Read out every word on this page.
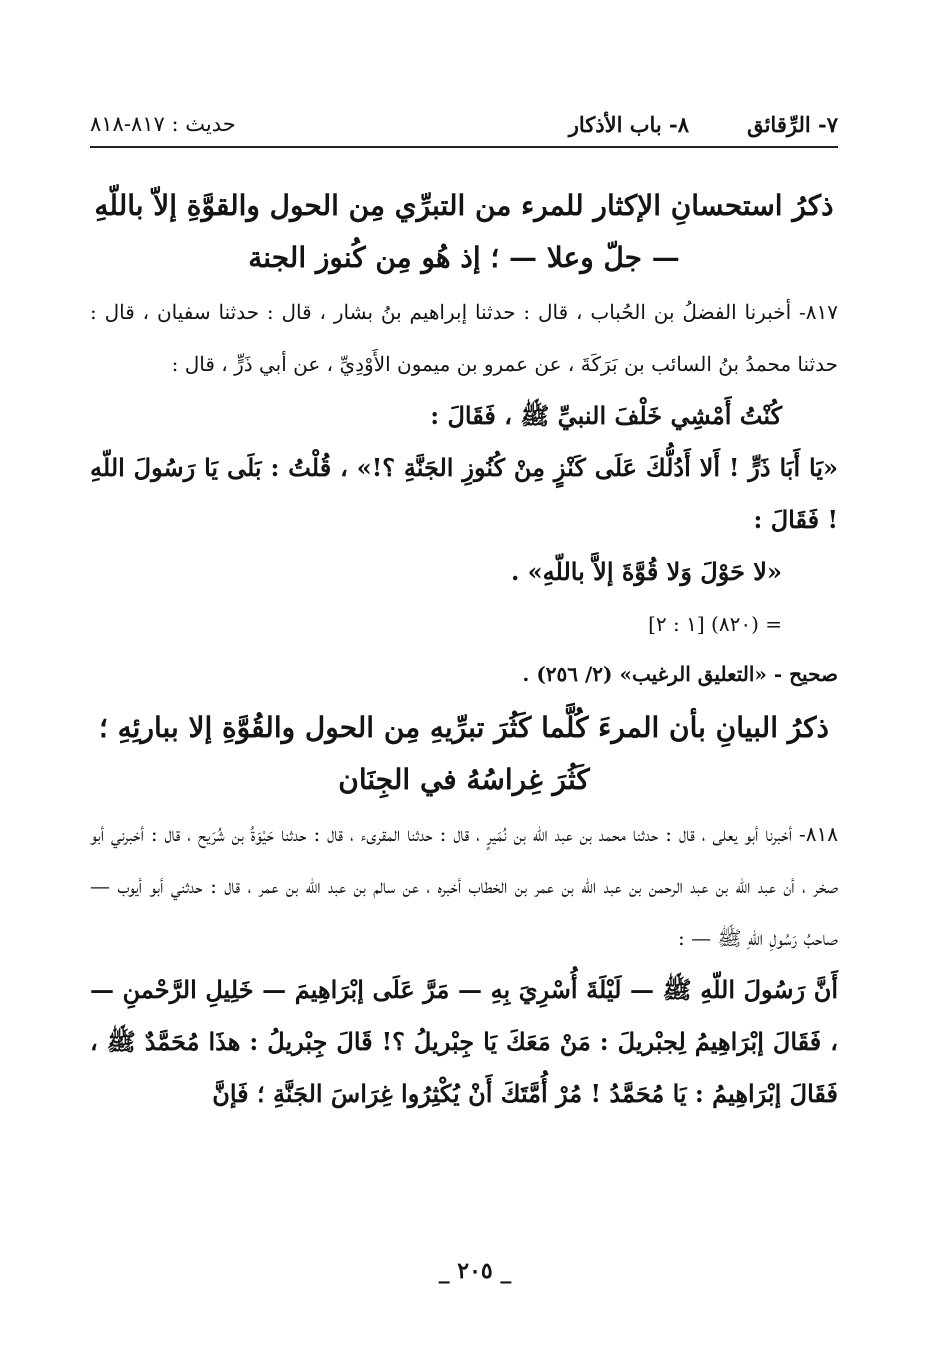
٧- الرِّقائق
٨- باب الأذكار
حديث : ٨١٧-٨١٨
ذكرُ استحسانِ الإكثار للمرء من التبرِّي مِن الحول والقوَّةِ إلاّ باللّهِ — جلّ وعلا — ؛ إذ هُو مِن كُنوز الجنة

٨١٧- أخبرنا الفضلُ بن الحُباب ، قال : حدثنا إبراهيم بنُ بشار ، قال : حدثنا سفيان ، قال : حدثنا محمدُ بنُ السائب بن بَرَكَةَ ، عن عمرو بن ميمون الأَوْدِيِّ ، عن أبي ذَرٍّ ، قال :

كُنْتُ أَمْشِي خَلْفَ النبيِّ ﷺ ، فَقَالَ :

«يَا أَبَا ذَرٍّ ! أَلا أَدُلُّكَ عَلَى كَنْزٍ مِنْ كُنُوزِ الجَنَّةِ ؟!» ، قُلْتُ : بَلَى يَا رَسُولَ اللّهِ ! فَقَالَ :

«لا حَوْلَ وَلا قُوَّةَ إلاَّ باللّهِ» .

= (٨٢٠) [١ : ٢]

صحيح - «التعليق الرغيب» (٢/ ٢٥٦) .

ذكرُ البيانِ بأن المرءَ كُلَّما كَثُرَ تبرِّيهِ مِن الحول والقُوَّةِ إلا ببارئِهِ ؛ كَثُرَ غِراسُهُ في الجِنَان

٨١٨- أخبرنا أبو يعلى ، قال : حدثنا محمد بن عبد اللّه بن نُمَيرٍ ، قال : حدثنا المقرىء ، قال : حدثنا حَيْوَةُ بن شُرَيح ، قال : أخبرني أبو صخر ، أن عبد اللّه بن عبد الرحمن بن عبد اللّه بن عمر بن الخطاب أخبره ، عن سالم بن عبد اللّه بن عمر ، قال : حدثني أبو أيوب — صاحبُ رَسُولِ اللّهِ ﷺ — :

أَنَّ رَسُولَ اللّهِ ﷺ — لَيْلَةَ أُسْرِيَ بِهِ — مَرَّ عَلَى إبْرَاهِيمَ — خَلِيلِ الرَّحْمنِ — ، فَقَالَ إبْرَاهِيمُ لِجبْريلَ : مَنْ مَعَكَ يَا جِبْريلُ ؟! قَالَ جِبْريلُ : هذَا مُحَمَّدٌ ﷺ ، فَقَالَ إبْرَاهِيمُ : يَا مُحَمَّدُ ! مُرْ أُمَّتَكَ أَنْ يُكْثِرُوا غِرَاسَ الجَنَّةِ ؛ فَإنَّ

_ ٢٠٥ _
